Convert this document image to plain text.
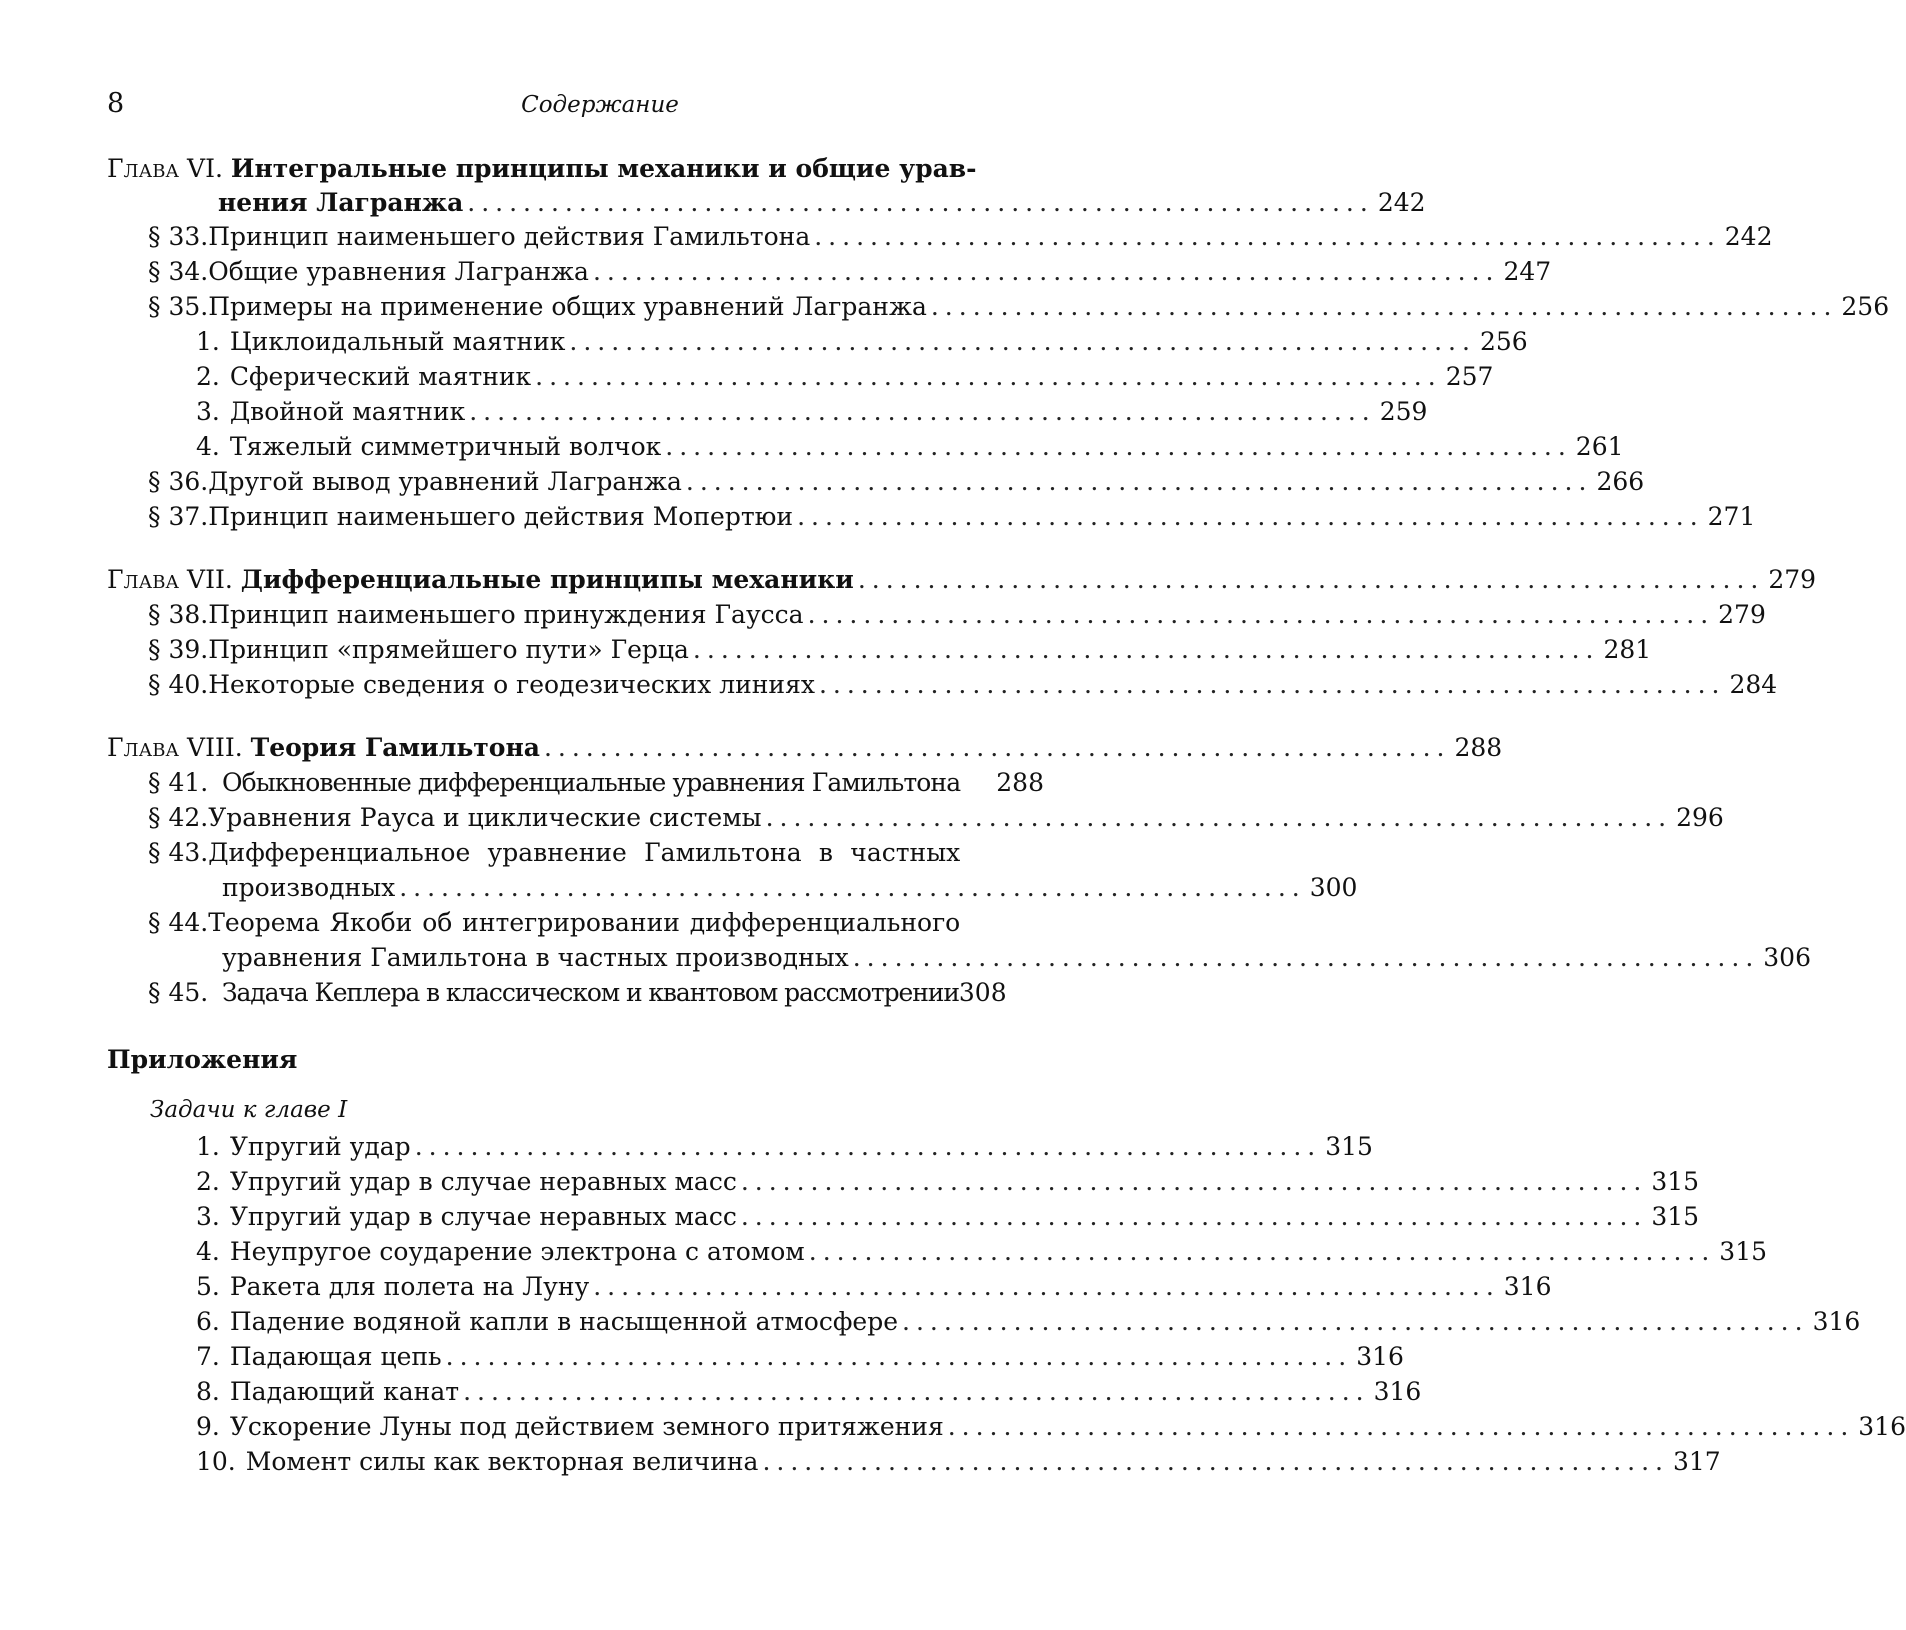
8	Содержание
Глава VI. Интегральные принципы механики и общие урав-
нения Лагранжа ................................................................. 242
§ 33. Принцип наименьшего действия Гамильтона ................................................................. 242
§ 34. Общие уравнения Лагранжа ................................................................. 247
§ 35. Примеры на применение общих уравнений Лагранжа ................................................................. 256
1. Циклоидальный маятник ................................................................. 256
2. Сферический маятник ................................................................. 257
3. Двойной маятник ................................................................. 259
4. Тяжелый симметричный волчок ................................................................. 261
§ 36. Другой вывод уравнений Лагранжа ................................................................. 266
§ 37. Принцип наименьшего действия Мопертюи ................................................................. 271
Глава VII. Дифференциальные принципы механики ................................................................. 279
§ 38. Принцип наименьшего принуждения Гаусса ................................................................. 279
§ 39. Принцип «прямейшего пути» Герца ................................................................. 281
§ 40. Некоторые сведения о геодезических линиях ................................................................. 284
Глава VIII. Теория Гамильтона ................................................................. 288
§ 41. Обыкновенные дифференциальные уравнения Гамильтона 288
§ 42. Уравнения Рауса и циклические системы ................................................................. 296
§ 43.Дифференциальное уравнение Гамильтона в частных
производных ................................................................. 300
§ 44.Теорема Якоби об интегрировании дифференциального
уравнения Гамильтона в частных производных ................................................................. 306
§ 45. Задача Кеплера в классическом и квантовом рассмотрении 308
Приложения
Задачи к главе I
1. Упругий удар ................................................................. 315
2. Упругий удар в случае неравных масс ................................................................. 315
3. Упругий удар в случае неравных масс ................................................................. 315
4. Неупругое соударение электрона с атомом ................................................................. 315
5. Ракета для полета на Луну ................................................................. 316
6. Падение водяной капли в насыщенной атмосфере ................................................................. 316
7. Падающая цепь ................................................................. 316
8. Падающий канат ................................................................. 316
9. Ускорение Луны под действием земного притяжения ................................................................. 316
10. Момент силы как векторная величина ................................................................. 317
